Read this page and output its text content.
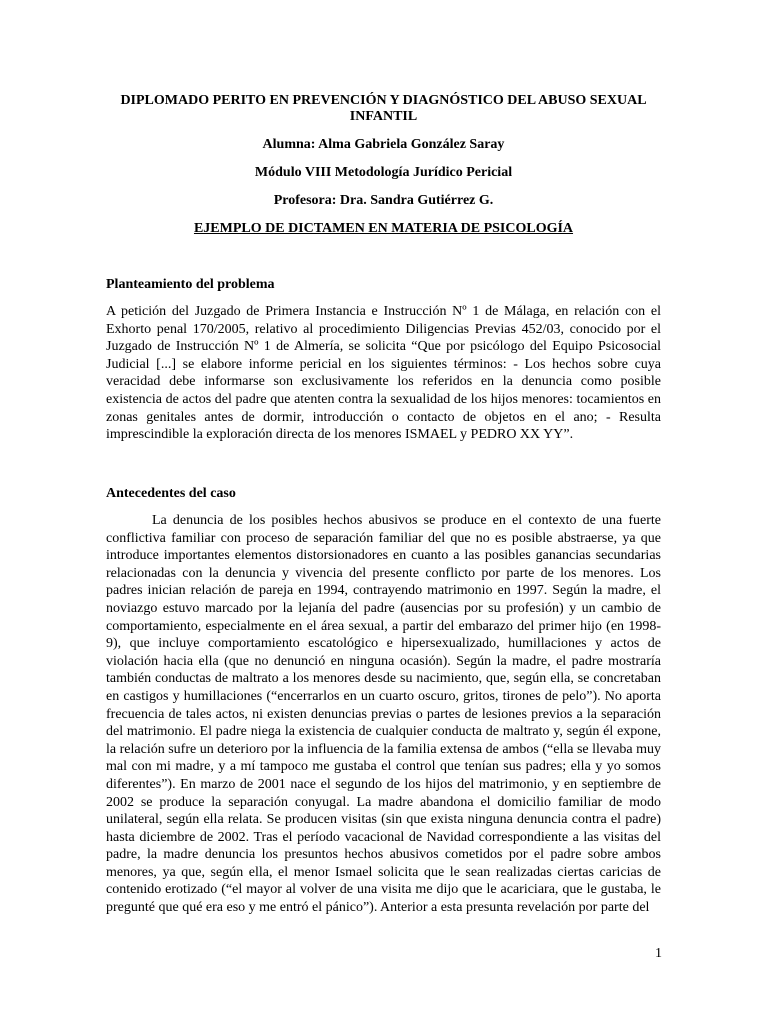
DIPLOMADO PERITO EN PREVENCIÓN Y DIAGNÓSTICO DEL ABUSO SEXUAL INFANTIL
Alumna: Alma Gabriela González Saray
Módulo VIII Metodología Jurídico Pericial
Profesora: Dra. Sandra Gutiérrez G.
EJEMPLO DE DICTAMEN EN MATERIA DE PSICOLOGÍA
Planteamiento del problema

A petición del Juzgado de Primera Instancia e Instrucción Nº 1 de Málaga, en relación con el Exhorto penal 170/2005, relativo al procedimiento Diligencias Previas 452/03, conocido por el Juzgado de Instrucción Nº 1 de Almería, se solicita “Que por psicólogo del Equipo Psicosocial Judicial [...] se elabore informe pericial en los siguientes términos: - Los hechos sobre cuya veracidad debe informarse son exclusivamente los referidos en la denuncia como posible existencia de actos del padre que atenten contra la sexualidad de los hijos menores: tocamientos en zonas genitales antes de dormir, introducción o contacto de objetos en el ano; - Resulta imprescindible la exploración directa de los menores ISMAEL y PEDRO XX YY”.

Antecedentes del caso

La denuncia de los posibles hechos abusivos se produce en el contexto de una fuerte conflictiva familiar con proceso de separación familiar del que no es posible abstraerse, ya que introduce importantes elementos distorsionadores en cuanto a las posibles ganancias secundarias relacionadas con la denuncia y vivencia del presente conflicto por parte de los menores. Los padres inician relación de pareja en 1994, contrayendo matrimonio en 1997. Según la madre, el noviazgo estuvo marcado por la lejanía del padre (ausencias por su profesión) y un cambio de comportamiento, especialmente en el área sexual, a partir del embarazo del primer hijo (en 1998-9), que incluye comportamiento escatológico e hipersexualizado, humillaciones y actos de violación hacia ella (que no denunció en ninguna ocasión). Según la madre, el padre mostraría también conductas de maltrato a los menores desde su nacimiento, que, según ella, se concretaban en castigos y humillaciones (“encerrarlos en un cuarto oscuro, gritos, tirones de pelo”). No aporta frecuencia de tales actos, ni existen denuncias previas o partes de lesiones previos a la separación del matrimonio. El padre niega la existencia de cualquier conducta de maltrato y, según él expone, la relación sufre un deterioro por la influencia de la familia extensa de ambos (“ella se llevaba muy mal con mi madre, y a mí tampoco me gustaba el control que tenían sus padres; ella y yo somos diferentes”). En marzo de 2001 nace el segundo de los hijos del matrimonio, y en septiembre de 2002 se produce la separación conyugal. La madre abandona el domicilio familiar de modo unilateral, según ella relata. Se producen visitas (sin que exista ninguna denuncia contra el padre) hasta diciembre de 2002. Tras el período vacacional de Navidad correspondiente a las visitas del padre, la madre denuncia los presuntos hechos abusivos cometidos por el padre sobre ambos menores, ya que, según ella, el menor Ismael solicita que le sean realizadas ciertas caricias de contenido erotizado (“el mayor al volver de una visita me dijo que le acariciara, que le gustaba, le pregunté que qué era eso y me entró el pánico”). Anterior a esta presunta revelación por parte del

1
